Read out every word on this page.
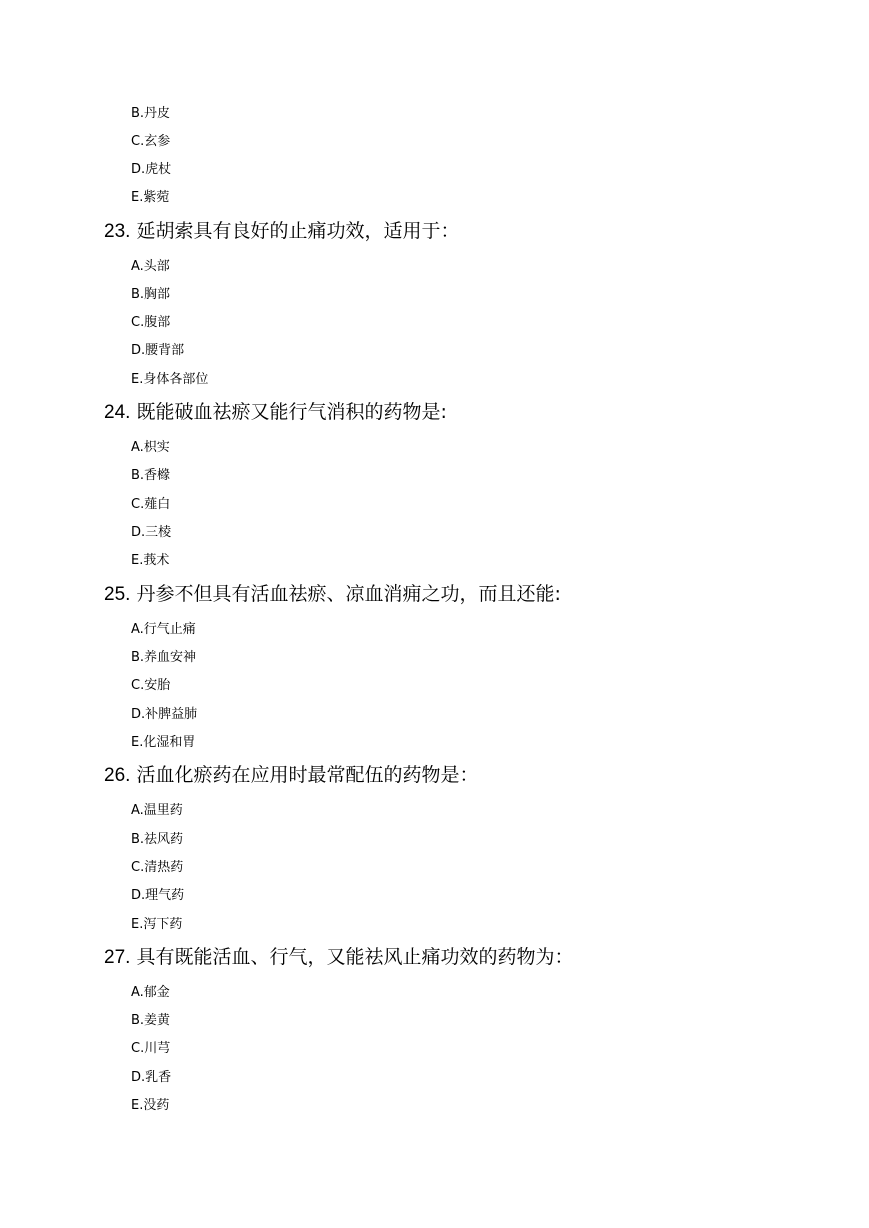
B.丹皮
C.玄参
D.虎杖
E.紫菀
23. 延胡索具有良好的止痛功效，适用于：
A.头部
B.胸部
C.腹部
D.腰背部
E.身体各部位
24. 既能破血祛瘀又能行气消积的药物是:
A.枳实
B.香橼
C.薤白
D.三棱
E.莪术
25. 丹参不但具有活血祛瘀、凉血消痈之功，而且还能:
A.行气止痛
B.养血安神
C.安胎
D.补脾益肺
E.化湿和胃
26. 活血化瘀药在应用时最常配伍的药物是：
A.温里药
B.祛风药
C.清热药
D.理气药
E.泻下药
27. 具有既能活血、行气，又能祛风止痛功效的药物为：
A.郁金
B.姜黄
C.川芎
D.乳香
E.没药
